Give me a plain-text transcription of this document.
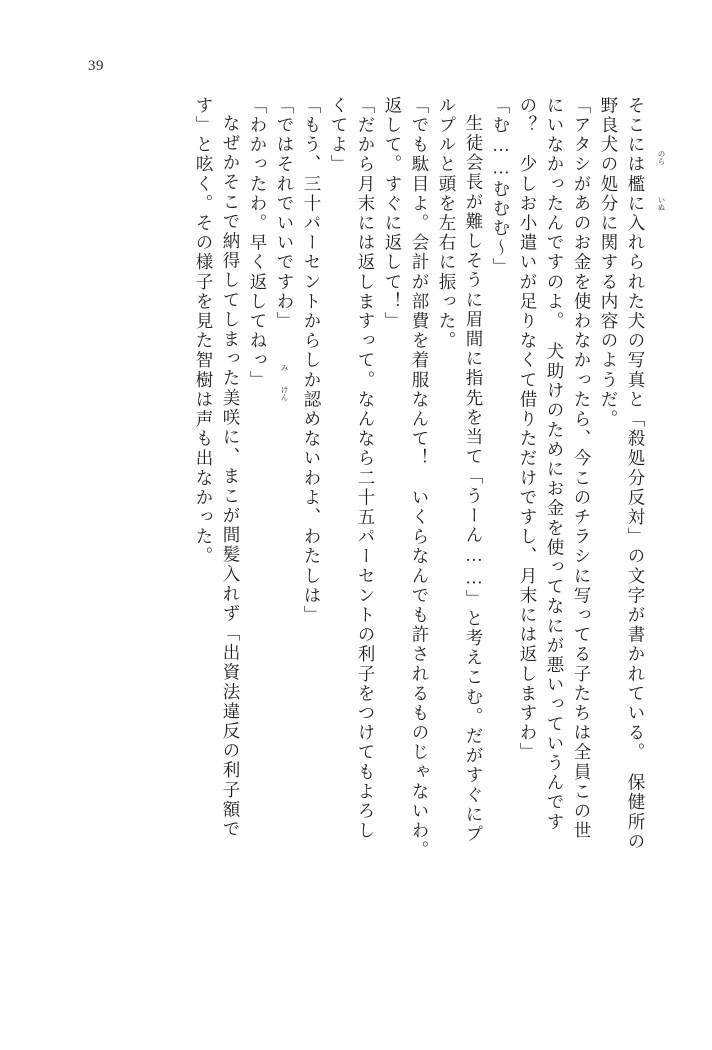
39
そこには檻に入れられた犬の写真と「殺処分反対」の文字が書かれている。　保健所の
野良犬の処分に関する内容のようだ。
「アタシがあのお金を使わなかったら、今このチラシに写ってる子たちは全員この世
にいなかったんですのよ。　犬助けのためにお金を使ってなにが悪いっていうんです
の？　少しお小遣いが足りなくて借りただけですし、月末には返しますわ」
「む……むむむ〜」
生徒会長が難しそうに眉間に指先を当て「うーん……」と考えこむ。だがすぐにプ
ルプルと頭を左右に振った。
「でも駄目よ。会計が部費を着服なんて！　いくらなんでも許されるものじゃないわ。
返して。すぐに返して！」
「だから月末には返しますって。なんなら二十五パーセントの利子をつけてもよろし
くてよ」
「もう、三十パーセントからしか認めないわよ、わたしは」
「ではそれでいいですわ」
「わかったわ。早く返してねっ」
なぜかそこで納得してしまった美咲に、まこが間髪入れず「出資法違反の利子額で
す」と呟く。その様子を見た智樹は声も出なかった。	のら
いぬ
み
けん
